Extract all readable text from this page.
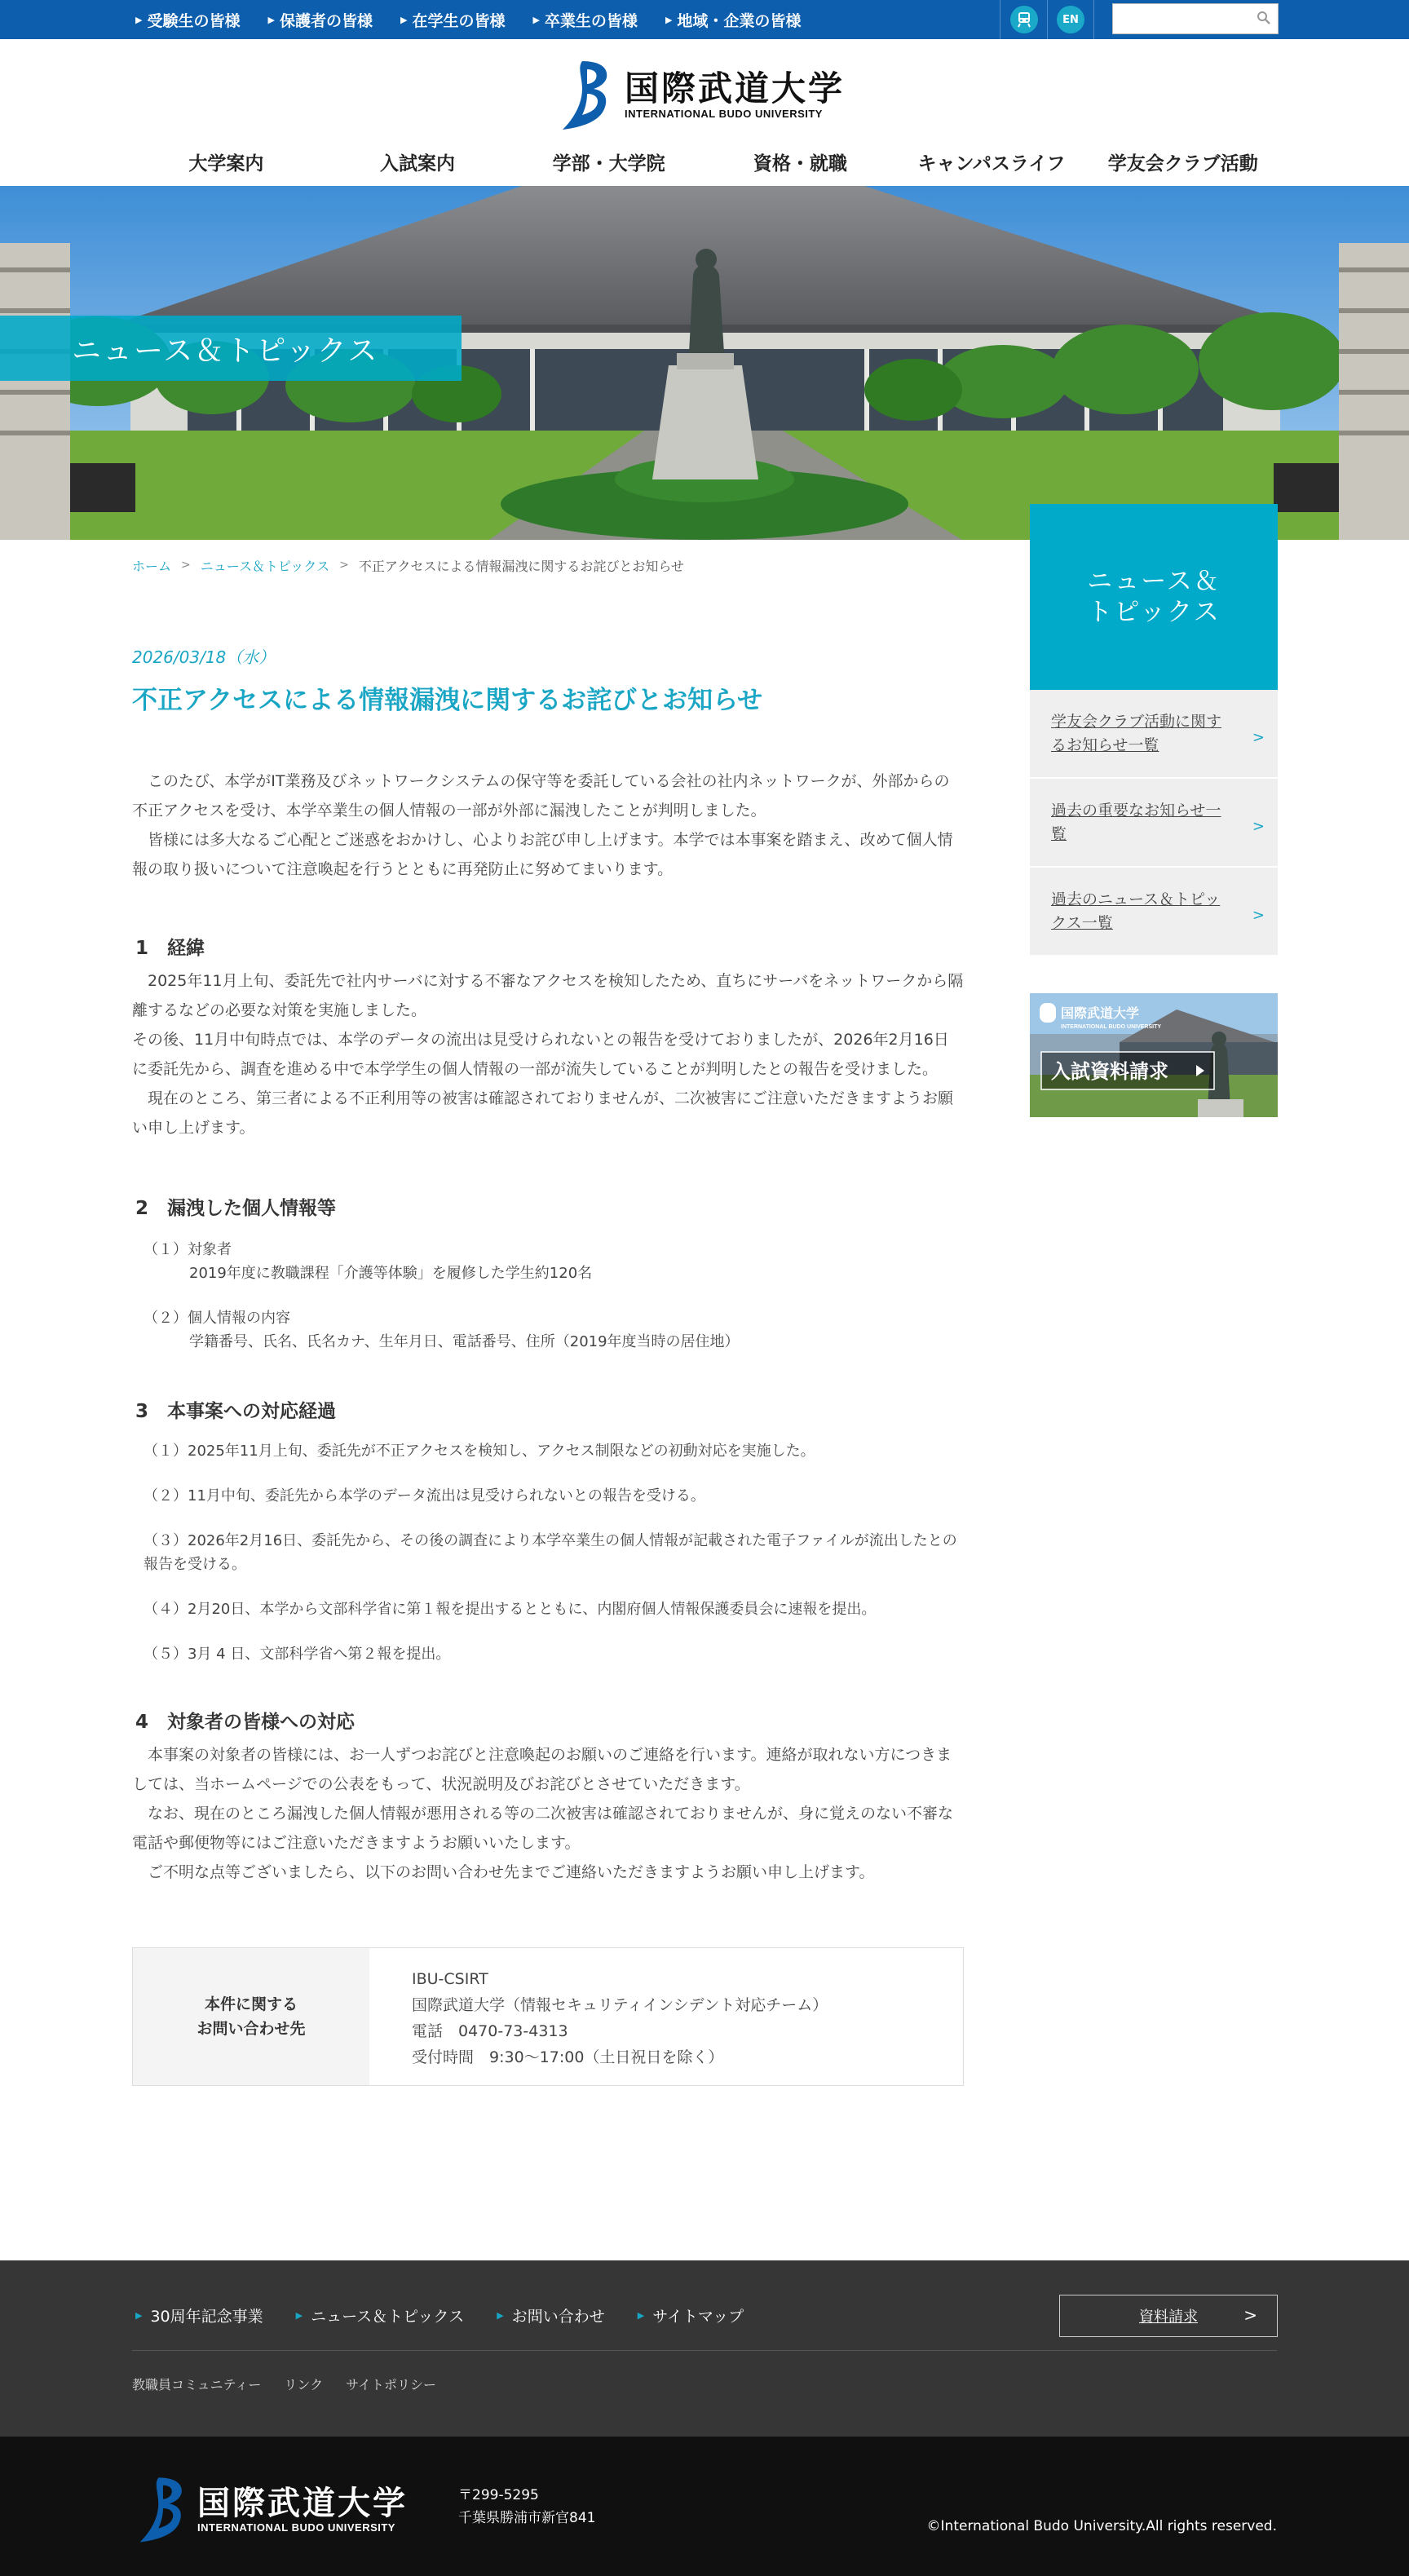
▶ 受験生の皆様	▶ 保護者の皆様	▶ 在学生の皆様	▶ 卒業生の皆様	▶ 地域・企業の皆様	EN
国際武道大学
INTERNATIONAL BUDO UNIVERSITY
大学案内	入試案内	学部・大学院	資格・就職	キャンパスライフ	学友会クラブ活動
ニュース＆トピックス
ホーム > ニュース＆トピックス > 不正アクセスによる情報漏洩に関するお詫びとお知らせ
2026/03/18（水）
不正アクセスによる情報漏洩に関するお詫びとお知らせ

　このたび、本学がIT業務及びネットワークシステムの保守等を委託している会社の社内ネットワークが、外部からの不正アクセスを受け、本学卒業生の個人情報の一部が外部に漏洩したことが判明しました。

　皆様には多大なるご心配とご迷惑をおかけし、心よりお詫び申し上げます。本学では本事案を踏まえ、改めて個人情報の取り扱いについて注意喚起を行うとともに再発防止に努めてまいります。

1　経緯

　2025年11月上旬、委託先で社内サーバに対する不審なアクセスを検知したため、直ちにサーバをネットワークから隔離するなどの必要な対策を実施しました。

その後、11月中旬時点では、本学のデータの流出は見受けられないとの報告を受けておりましたが、2026年2月16日に委託先から、調査を進める中で本学学生の個人情報の一部が流失していることが判明したとの報告を受けました。

　現在のところ、第三者による不正利用等の被害は確認されておりませんが、二次被害にご注意いただきますようお願い申し上げます。

2　漏洩した個人情報等
（１）対象者
2019年度に教職課程「介護等体験」を履修した学生約120名
（２）個人情報の内容
学籍番号、氏名、氏名カナ、生年月日、電話番号、住所（2019年度当時の居住地）
3　本事案への対応経過
（１）2025年11月上旬、委託先が不正アクセスを検知し、アクセス制限などの初動対応を実施した。
（２）11月中旬、委託先から本学のデータ流出は見受けられないとの報告を受ける。
（３）2026年2月16日、委託先から、その後の調査により本学卒業生の個人情報が記載された電子ファイルが流出したとの報告を受ける。
（４）2月20日、本学から文部科学省に第１報を提出するとともに、内閣府個人情報保護委員会に速報を提出。
（５）3月 4 日、文部科学省へ第２報を提出。
4　対象者の皆様への対応

　本事案の対象者の皆様には、お一人ずつお詫びと注意喚起のお願いのご連絡を行います。連絡が取れない方につきましては、当ホームページでの公表をもって、状況説明及びお詫びとさせていただきます。

　なお、現在のところ漏洩した個人情報が悪用される等の二次被害は確認されておりませんが、身に覚えのない不審な電話や郵便物等にはご注意いただきますようお願いいたします。

　ご不明な点等ございましたら、以下のお問い合わせ先までご連絡いただきますようお願い申し上げます。

本件に関する
お問い合わせ先
IBU-CSIRT
国際武道大学（情報セキュリティインシデント対応チーム）
電話　0470-73-4313
受付時間　9:30～17:00（土日祝日を除く）
ニュース＆
トピックス
学友会クラブ活動に関するお知らせ一覧	>
過去の重要なお知らせ一覧	>
過去のニュース＆トピックス一覧	>
国際武道大学
INTERNATIONAL BUDO UNIVERSITY
入試資料請求
▶ 30周年記念事業	▶ ニュース＆トピックス	▶ お問い合わせ	▶ サイトマップ	資料請求	>
教職員コミュニティー リンク サイトポリシー
国際武道大学
INTERNATIONAL BUDO UNIVERSITY
〒299-5295
千葉県勝浦市新官841	©International Budo University.All rights reserved.
